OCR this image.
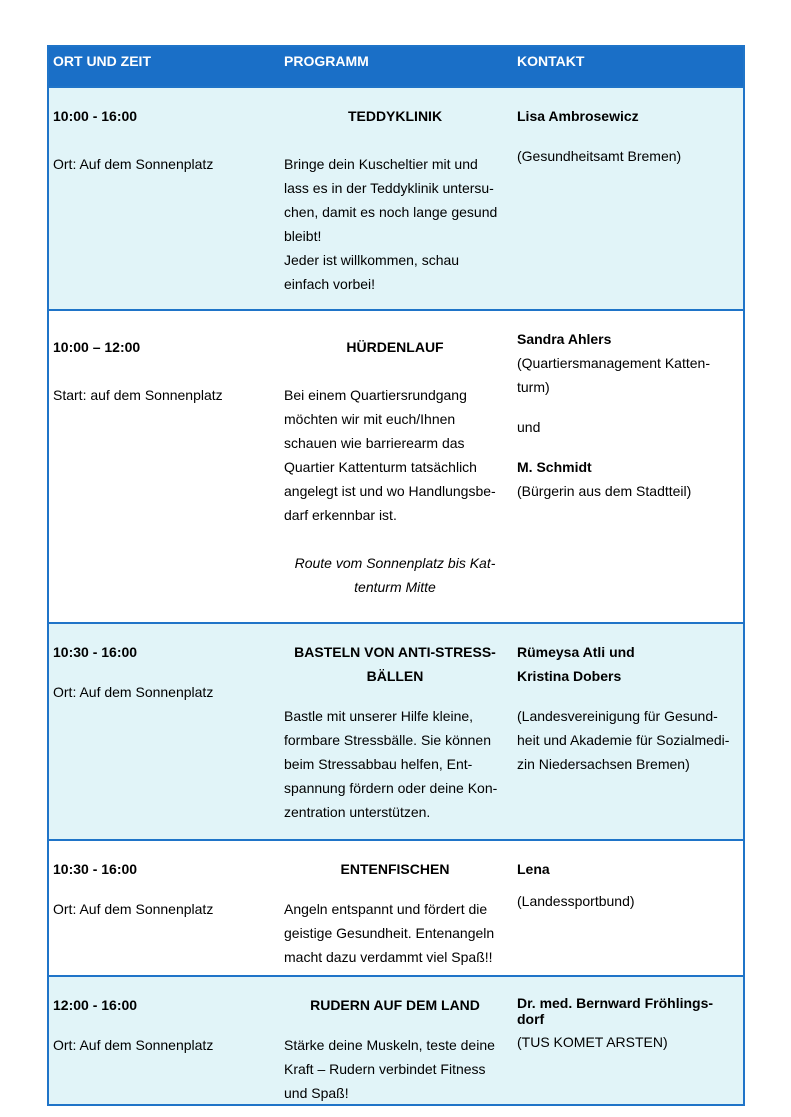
ORT UND ZEIT	PROGRAMM	KONTAKT
10:00 - 16:00
Ort: Auf dem Sonnenplatz
TEDDYKLINIK
Bringe dein Kuscheltier mit und
lass es in der Teddyklinik untersu-
chen, damit es noch lange gesund
bleibt!
Jeder ist willkommen, schau
einfach vorbei!
Lisa Ambrosewicz
(Gesundheitsamt Bremen)
10:00 – 12:00
Start: auf dem Sonnenplatz
HÜRDENLAUF
Bei einem Quartiersrundgang
möchten wir mit euch/Ihnen
schauen wie barrierearm das
Quartier Kattenturm tatsächlich
angelegt ist und wo Handlungsbe-
darf erkennbar ist.
Route vom Sonnenplatz bis Kat-
tenturm Mitte
Sandra Ahlers
(Quartiersmanagement Katten-
turm)
und
M. Schmidt
(Bürgerin aus dem Stadtteil)
10:30 - 16:00
Ort: Auf dem Sonnenplatz
BASTELN VON ANTI-STRESS-
BÄLLEN
Bastle mit unserer Hilfe kleine,
formbare Stressbälle. Sie können
beim Stressabbau helfen, Ent-
spannung fördern oder deine Kon-
zentration unterstützen.
Rümeysa Atli und
Kristina Dobers
(Landesvereinigung für Gesund-
heit und Akademie für Sozialmedi-
zin Niedersachsen Bremen)
10:30 - 16:00
Ort: Auf dem Sonnenplatz
ENTENFISCHEN
Angeln entspannt und fördert die
geistige Gesundheit. Entenangeln
macht dazu verdammt viel Spaß!!
Lena
(Landessportbund)
12:00 - 16:00
Ort: Auf dem Sonnenplatz
RUDERN AUF DEM LAND
Stärke deine Muskeln, teste deine
Kraft – Rudern verbindet Fitness
und Spaß!
Dr. med. Bernward Fröhlings-
dorf
(TUS KOMET ARSTEN)
